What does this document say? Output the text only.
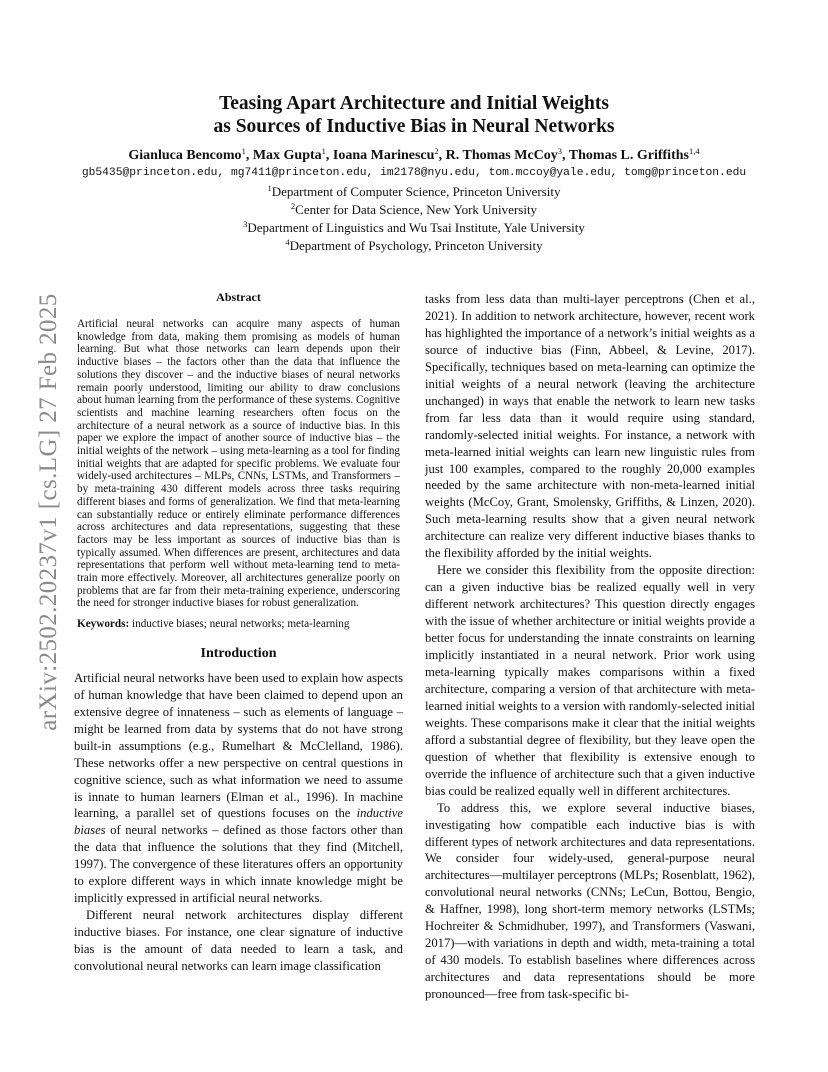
arXiv:2502.20237v1 [cs.LG] 27 Feb 2025
Teasing Apart Architecture and Initial Weights
as Sources of Inductive Bias in Neural Networks
Gianluca Bencomo$^1$, Max Gupta$^1$, Ioana Marinescu$^2$, R. Thomas McCoy$^3$, Thomas L. Griffiths$^{1,4}$
gb5435@princeton.edu, mg7411@princeton.edu, im2178@nyu.edu, tom.mccoy@yale.edu, tomg@princeton.edu
$^1$Department of Computer Science, Princeton University
$^2$Center for Data Science, New York University
$^3$Department of Linguistics and Wu Tsai Institute, Yale University
$^4$Department of Psychology, Princeton University
Abstract

Artificial neural networks can acquire many aspects of human knowledge from data, making them promising as models of human learning. But what those networks can learn depends upon their inductive biases – the factors other than the data that influence the solutions they discover – and the inductive biases of neural networks remain poorly understood, limiting our ability to draw conclusions about human learning from the performance of these systems. Cognitive scientists and machine learning researchers often focus on the architecture of a neural network as a source of inductive bias. In this paper we explore the impact of another source of inductive bias – the initial weights of the network – using meta-learning as a tool for finding initial weights that are adapted for specific problems. We evaluate four widely-used architectures – MLPs, CNNs, LSTMs, and Transformers – by meta-training 430 different models across three tasks requiring different biases and forms of generalization. We find that meta-learning can substantially reduce or entirely eliminate performance differences across architectures and data representations, suggesting that these factors may be less important as sources of inductive bias than is typically assumed. When differences are present, architectures and data representations that perform well without meta-learning tend to meta-train more effectively. Moreover, all architectures generalize poorly on problems that are far from their meta-training experience, underscoring the need for stronger inductive biases for robust generalization.

Keywords: inductive biases; neural networks; meta-learning

Introduction

Artificial neural networks have been used to explain how aspects of human knowledge that have been claimed to depend upon an extensive degree of innateness – such as elements of language – might be learned from data by systems that do not have strong built-in assumptions (e.g., Rumelhart & McClelland, 1986). These networks offer a new perspective on central questions in cognitive science, such as what information we need to assume is innate to human learners (Elman et al., 1996). In machine learning, a parallel set of questions focuses on the inductive biases of neural networks – defined as those factors other than the data that influence the solutions that they find (Mitchell, 1997). The convergence of these literatures offers an opportunity to explore different ways in which innate knowledge might be implicitly expressed in artificial neural networks.

Different neural network architectures display different inductive biases. For instance, one clear signature of inductive bias is the amount of data needed to learn a task, and convolutional neural networks can learn image classification

tasks from less data than multi-layer perceptrons (Chen et al., 2021). In addition to network architecture, however, recent work has highlighted the importance of a network’s initial weights as a source of inductive bias (Finn, Abbeel, & Levine, 2017). Specifically, techniques based on meta-learning can optimize the initial weights of a neural network (leaving the architecture unchanged) in ways that enable the network to learn new tasks from far less data than it would require using standard, randomly-selected initial weights. For instance, a network with meta-learned initial weights can learn new linguistic rules from just 100 examples, compared to the roughly 20,000 examples needed by the same architecture with non-meta-learned initial weights (McCoy, Grant, Smolensky, Griffiths, & Linzen, 2020). Such meta-learning results show that a given neural network architecture can realize very different inductive biases thanks to the flexibility afforded by the initial weights.

Here we consider this flexibility from the opposite direction: can a given inductive bias be realized equally well in very different network architectures? This question directly engages with the issue of whether architecture or initial weights provide a better focus for understanding the innate constraints on learning implicitly instantiated in a neural network. Prior work using meta-learning typically makes comparisons within a fixed architecture, comparing a version of that architecture with meta-learned initial weights to a version with randomly-selected initial weights. These comparisons make it clear that the initial weights afford a substantial degree of flexibility, but they leave open the question of whether that flexibility is extensive enough to override the influence of architecture such that a given inductive bias could be realized equally well in different architectures.

To address this, we explore several inductive biases, investigating how compatible each inductive bias is with different types of network architectures and data representations. We consider four widely-used, general-purpose neural architectures—multilayer perceptrons (MLPs; Rosenblatt, 1962), convolutional neural networks (CNNs; LeCun, Bottou, Bengio, & Haffner, 1998), long short-term memory networks (LSTMs; Hochreiter & Schmidhuber, 1997), and Transformers (Vaswani, 2017)—with variations in depth and width, meta-training a total of 430 models. To establish baselines where differences across architectures and data representations should be more pronounced—free from task-specific bi-
